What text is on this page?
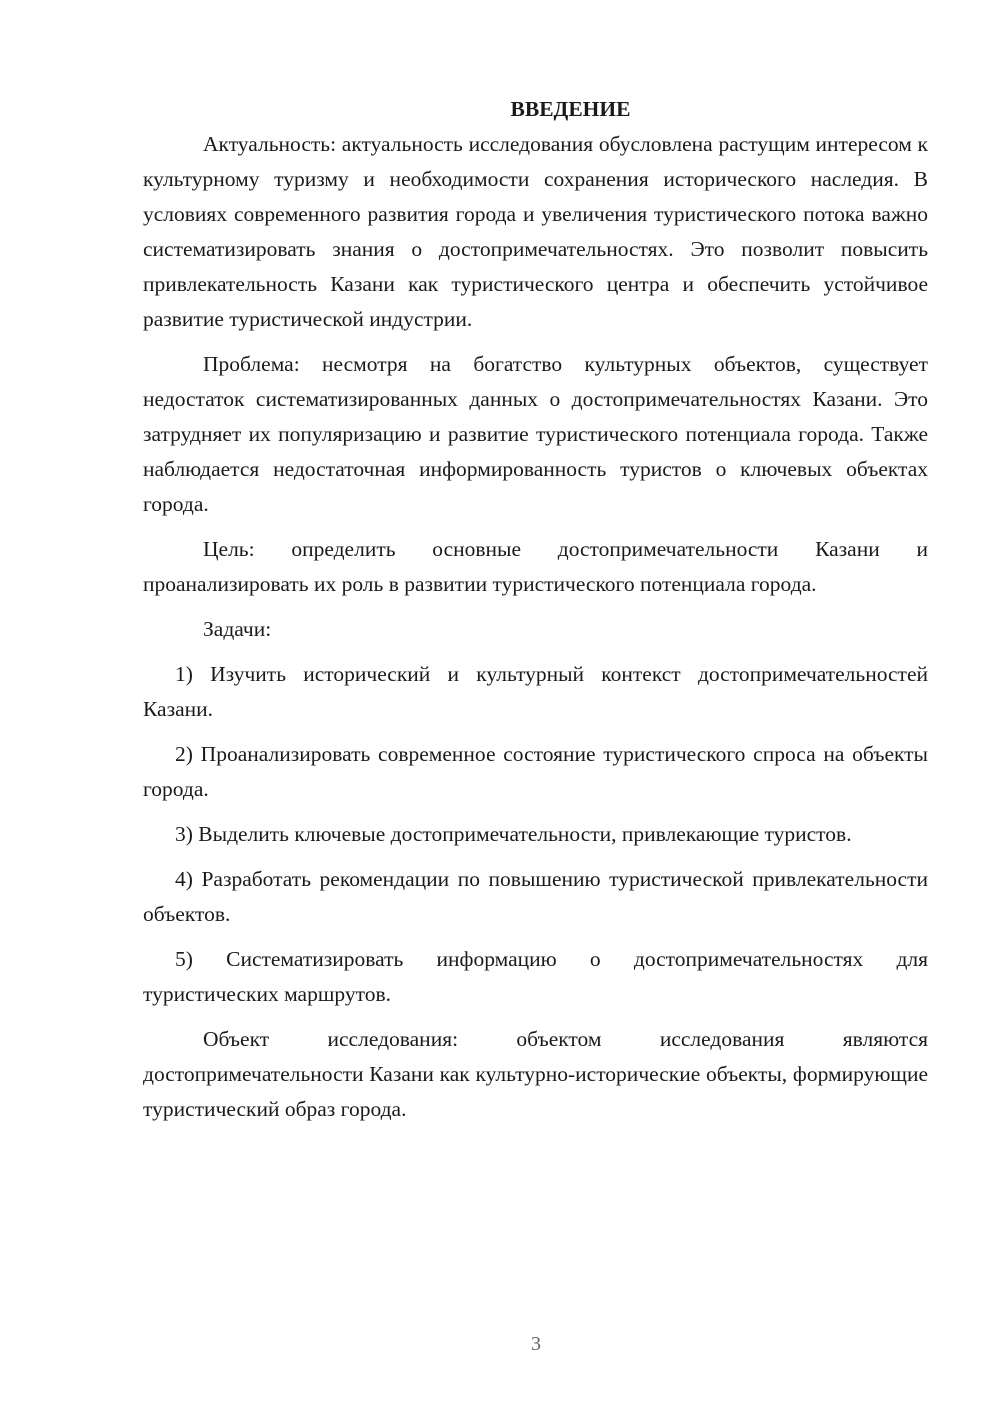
ВВЕДЕНИЕ

Актуальность: актуальность исследования обусловлена растущим интересом к культурному туризму и необходимости сохранения исторического наследия. В условиях современного развития города и увеличения туристического потока важно систематизировать знания о достопримечательностях. Это позволит повысить привлекательность Казани как туристического центра и обеспечить устойчивое развитие туристической индустрии.

Проблема: несмотря на богатство культурных объектов, существует недостаток систематизированных данных о достопримечательностях Казани. Это затрудняет их популяризацию и развитие туристического потенциала города. Также наблюдается недостаточная информированность туристов о ключевых объектах города.

Цель: определить основные достопримечательности Казани и проанализировать их роль в развитии туристического потенциала города.

Задачи:

1) Изучить исторический и культурный контекст достопримечательностей Казани.

2) Проанализировать современное состояние туристического спроса на объекты города.

3) Выделить ключевые достопримечательности, привлекающие туристов.

4) Разработать рекомендации по повышению туристической привлекательности объектов.

5) Систематизировать информацию о достопримечательностях для туристических маршрутов.

Объект исследования: объектом исследования являются достопримечательности Казани как культурно-исторические объекты, формирующие туристический образ города.

3
